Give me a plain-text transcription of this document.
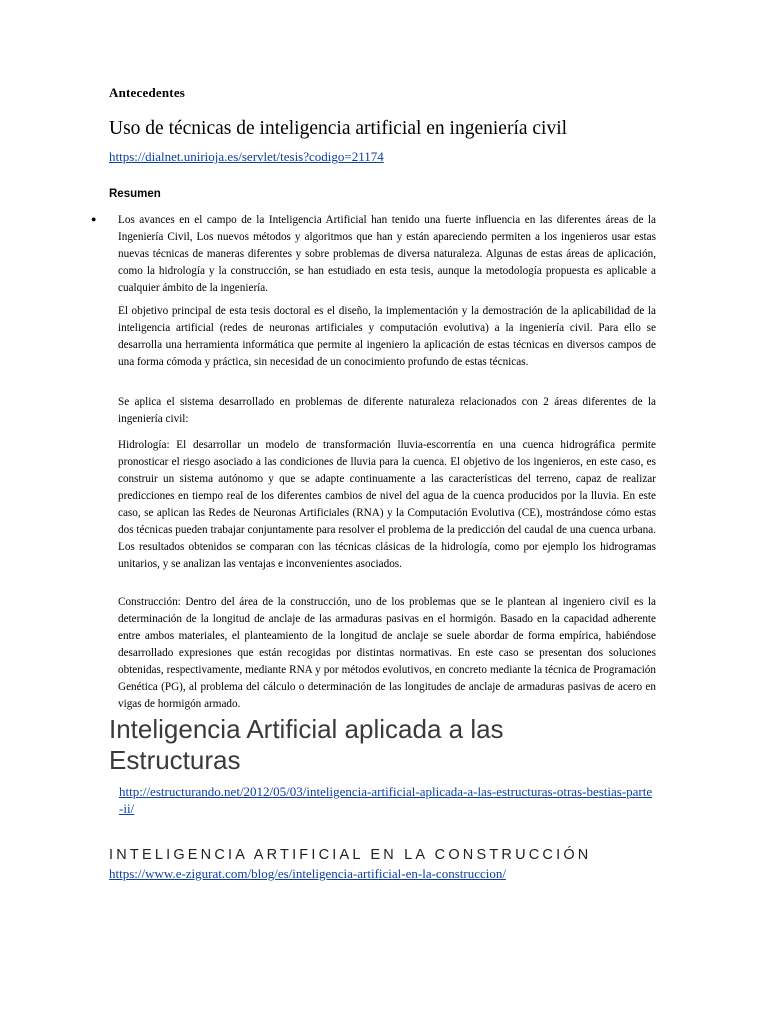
Antecedentes
Uso de técnicas de inteligencia artificial en ingeniería civil
https://dialnet.unirioja.es/servlet/tesis?codigo=21174
Resumen
● Los avances en el campo de la Inteligencia Artificial han tenido una fuerte influencia en las diferentes áreas de la Ingeniería Civil, Los nuevos métodos y algoritmos que han y están apareciendo permiten a los ingenieros usar estas nuevas técnicas de maneras diferentes y sobre problemas de diversa naturaleza. Algunas de estas áreas de aplicación, como la hidrología y la construcción, se han estudiado en esta tesis, aunque la metodología propuesta es aplicable a cualquier ámbito de la ingeniería.
El objetivo principal de esta tesis doctoral es el diseño, la implementación y la demostración de la aplicabilidad de la inteligencia artificial (redes de neuronas artificiales y computación evolutiva) a la ingeniería civil. Para ello se desarrolla una herramienta informática que permite al ingeniero la aplicación de estas técnicas en diversos campos de una forma cómoda y práctica, sin necesidad de un conocimiento profundo de estas técnicas.
Se aplica el sistema desarrollado en problemas de diferente naturaleza relacionados con 2 áreas diferentes de la ingeniería civil:
Hidrología: El desarrollar un modelo de transformación lluvia-escorrentía en una cuenca hidrográfica permite pronosticar el riesgo asociado a las condiciones de lluvia para la cuenca. El objetivo de los ingenieros, en este caso, es construir un sistema autónomo y que se adapte continuamente a las características del terreno, capaz de realizar predicciones en tiempo real de los diferentes cambios de nivel del agua de la cuenca producidos por la lluvia. En este caso, se aplican las Redes de Neuronas Artificiales (RNA) y la Computación Evolutiva (CE), mostrándose cómo estas dos técnicas pueden trabajar conjuntamente para resolver el problema de la predicción del caudal de una cuenca urbana. Los resultados obtenidos se comparan con las técnicas clásicas de la hidrología, como por ejemplo los hidrogramas unitarios, y se analizan las ventajas e inconvenientes asociados.
Construcción: Dentro del área de la construcción, uno de los problemas que se le plantean al ingeniero civil es la determinación de la longitud de anclaje de las armaduras pasivas en el hormigón. Basado en la capacidad adherente entre ambos materiales, el planteamiento de la longitud de anclaje se suele abordar de forma empírica, habiéndose desarrollado expresiones que están recogidas por distintas normativas. En este caso se presentan dos soluciones obtenidas, respectivamente, mediante RNA y por métodos evolutivos, en concreto mediante la técnica de Programación Genética (PG), al problema del cálculo o determinación de las longitudes de anclaje de armaduras pasivas de acero en vigas de hormigón armado.
Inteligencia Artificial aplicada a las Estructuras
http://estructurando.net/2012/05/03/inteligencia-artificial-aplicada-a-las-estructuras-otras-bestias-parte-ii/
INTELIGENCIA ARTIFICIAL EN LA CONSTRUCCIÓN
https://www.e-zigurat.com/blog/es/inteligencia-artificial-en-la-construccion/
